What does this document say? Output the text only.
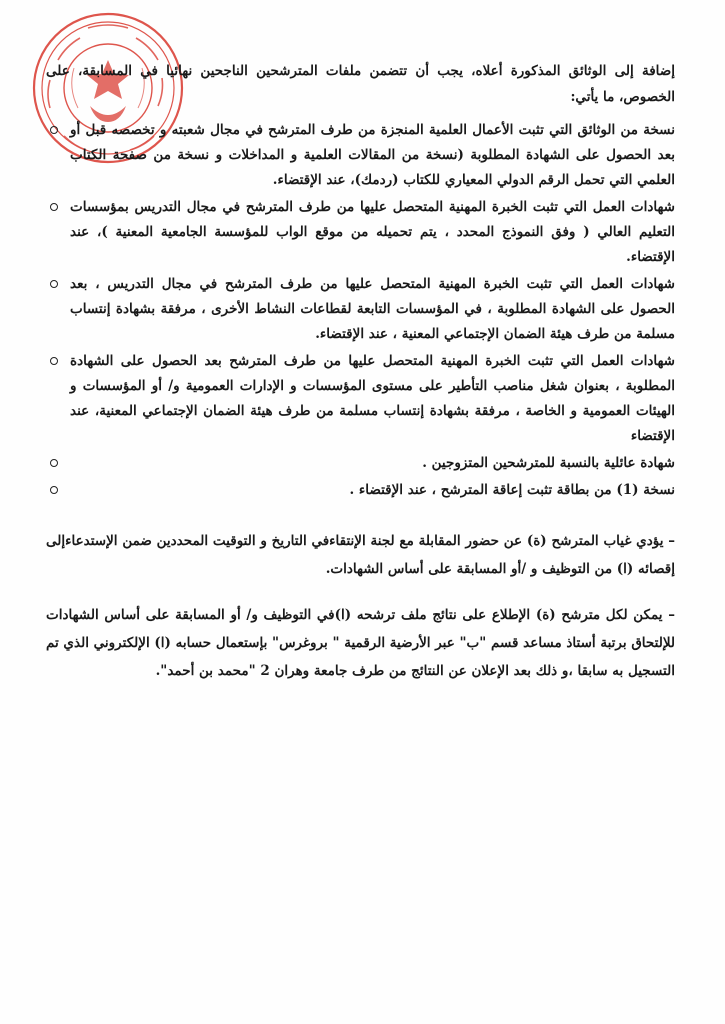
إضافة إلى الوثائق المذكورة أعلاه، يجب أن تتضمن ملفات المترشحين الناجحين نهائيا في المسابقة، على الخصوص، ما يأتي:

نسخة من الوثائق التي تثبت الأعمال العلمية المنجزة من طرف المترشح في مجال شعبته و تخصصه قبل أو بعد الحصول على الشهادة المطلوبة (نسخة من المقالات العلمية و المداخلات و نسخة من صفحة الكتاب العلمي التي تحمل الرقم الدولي المعياري للكتاب (ردمك)، عند الإقتضاء.
شهادات العمل التي تثبت الخبرة المهنية المتحصل عليها من طرف المترشح في مجال التدريس بمؤسسات التعليم العالي ( وفق النموذج المحدد ، يتم تحميله من موقع الواب للمؤسسة الجامعية المعنية )، عند الإقتضاء.
شهادات العمل التي تثبت الخبرة المهنية المتحصل عليها من طرف المترشح في مجال التدريس ، بعد الحصول على الشهادة المطلوبة ، في المؤسسات التابعة لقطاعات النشاط الأخرى ، مرفقة بشهادة إنتساب مسلمة من طرف هيئة الضمان الإجتماعي المعنية ، عند الإقتضاء.
شهادات العمل التي تثبت الخبرة المهنية المتحصل عليها من طرف المترشح بعد الحصول على الشهادة المطلوبة ، بعنوان شغل مناصب التأطير على مستوى المؤسسات و الإدارات العمومية و/ أو المؤسسات و الهيئات العمومية و الخاصة ، مرفقة بشهادة إنتساب مسلمة من طرف هيئة الضمان الإجتماعي المعنية، عند الإقتضاء
شهادة عائلية بالنسبة للمترشحين المتزوجين .
نسخة (1) من بطاقة تثبت إعاقة المترشح ، عند الإقتضاء .

– يؤدي غياب المترشح (ة) عن حضور المقابلة مع لجنة الإنتقاءفي التاريخ و التوقيت المحددين ضمن الإستدعاءإلى إقصائه (ا) من التوظيف و /أو المسابقة على أساس الشهادات.

– يمكن لكل مترشح (ة) الإطلاع على نتائج ملف ترشحه (ا)في التوظيف و/ أو المسابقة على أساس الشهادات للإلتحاق برتبة أستاذ مساعد قسم "ب" عبر الأرضية الرقمية " بروغرس" بإستعمال حسابه (ا) الإلكتروني الذي تم التسجيل به سابقا ،و ذلك بعد الإعلان عن النتائج من طرف جامعة وهران 2 "محمد بن أحمد".
